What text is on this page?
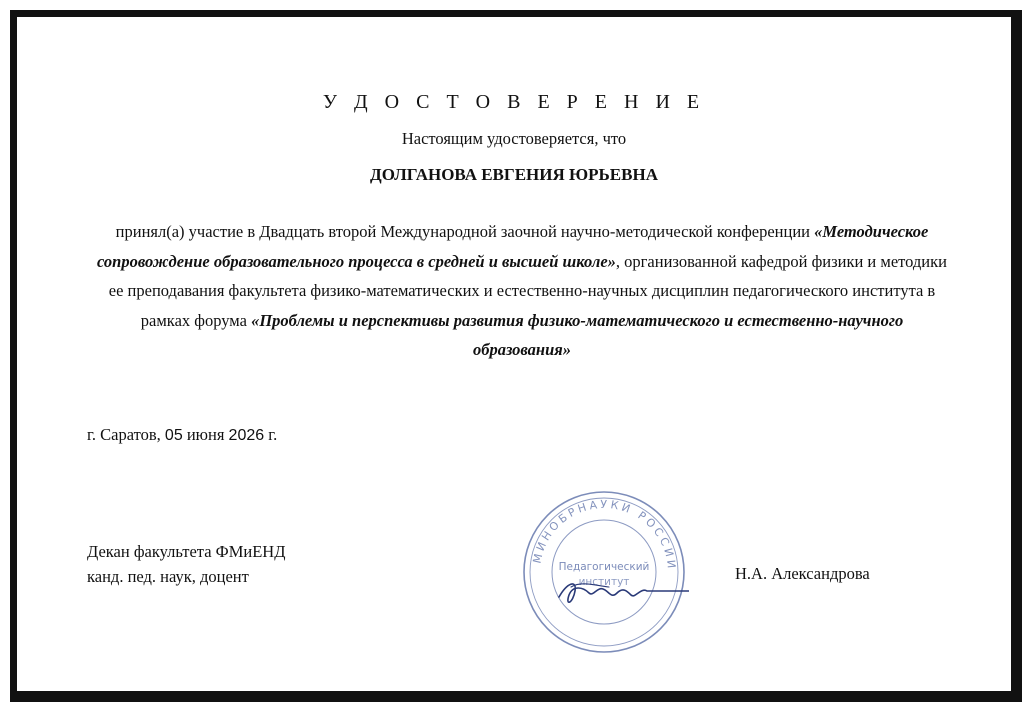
У Д О С Т О В Е Р Е Н И Е
Настоящим удостоверяется, что
ДОЛГАНОВА ЕВГЕНИЯ ЮРЬЕВНА
принял(а) участие в Двадцать второй Международной заочной научно-методической конференции «Методическое сопровождение образовательного процесса в средней и высшей школе», организованной кафедрой физики и методики ее преподавания факультета физико-математических и естественно-научных дисциплин педагогического института в рамках форума «Проблемы и перспективы развития физико-математического и естественно-научного образования»
г. Саратов, 05 июня 2026 г.
Декан факультета ФМиЕНД
канд. пед. наук, доцент
МИНОБРНАУКИ РОССИИ
Педагогический
институт	Н.А. Александрова
